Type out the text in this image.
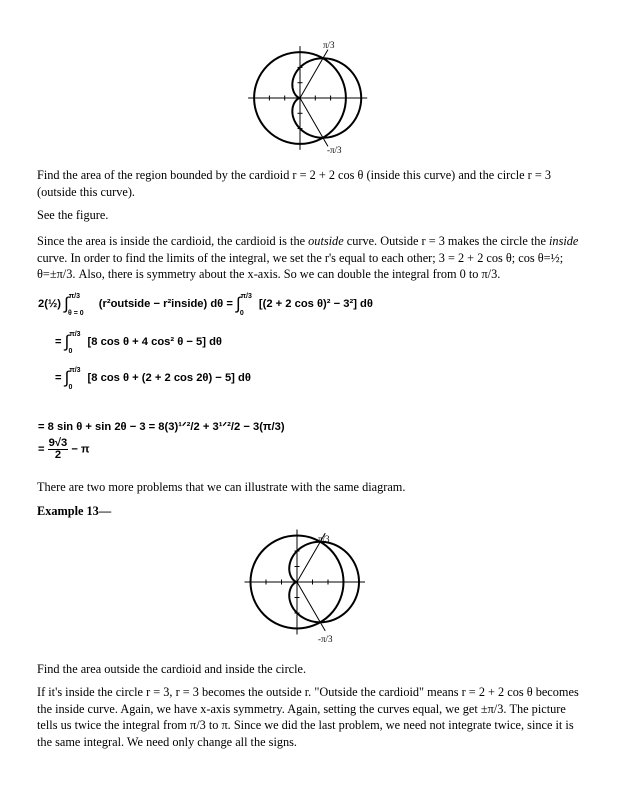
π/3
-π/3

Find the area of the region bounded by the cardioid r = 2 + 2 cos θ (inside this curve) and the circle r = 3 (outside this curve).

See the figure.

Since the area is inside the cardioid, the cardioid is the outside curve. Outside r = 3 makes the circle the inside curve. In order to find the limits of the integral, we set the r's equal to each other; 3 = 2 + 2 cos θ; cos θ=½; θ=±π/3. Also, there is symmetry about the x-axis. So we can double the integral from 0 to π/3.

2(½) ∫$^{\pi/3}_{\theta = 0}$ (r²outside − r²inside) dθ = ∫$^{\pi/3}_0$ [(2 + 2 cos θ)² − 3²] dθ
= ∫$^{\pi/3}_0$ [8 cos θ + 4 cos² θ − 5] dθ
= ∫$^{\pi/3}_0$ [8 cos θ + (2 + 2 cos 2θ) − 5] dθ
= 8 sin θ + sin 2θ − 3 = 8(3)¹ᐟ²/2 + 3¹ᐟ²/2 − 3(π/3)
= $\frac{9√3}{2} - \pi$

There are two more problems that we can illustrate with the same diagram.

Example 13—

π/3
-π/3

Find the area outside the cardioid and inside the circle.

If it's inside the circle r = 3, r = 3 becomes the outside r. "Outside the cardioid" means r = 2 + 2 cos θ becomes the inside curve. Again, we have x-axis symmetry. Again, setting the curves equal, we get ±π/3. The picture tells us twice the integral from π/3 to π. Since we did the last problem, we need not integrate twice, since it is the same integral. We need only change all the signs.
